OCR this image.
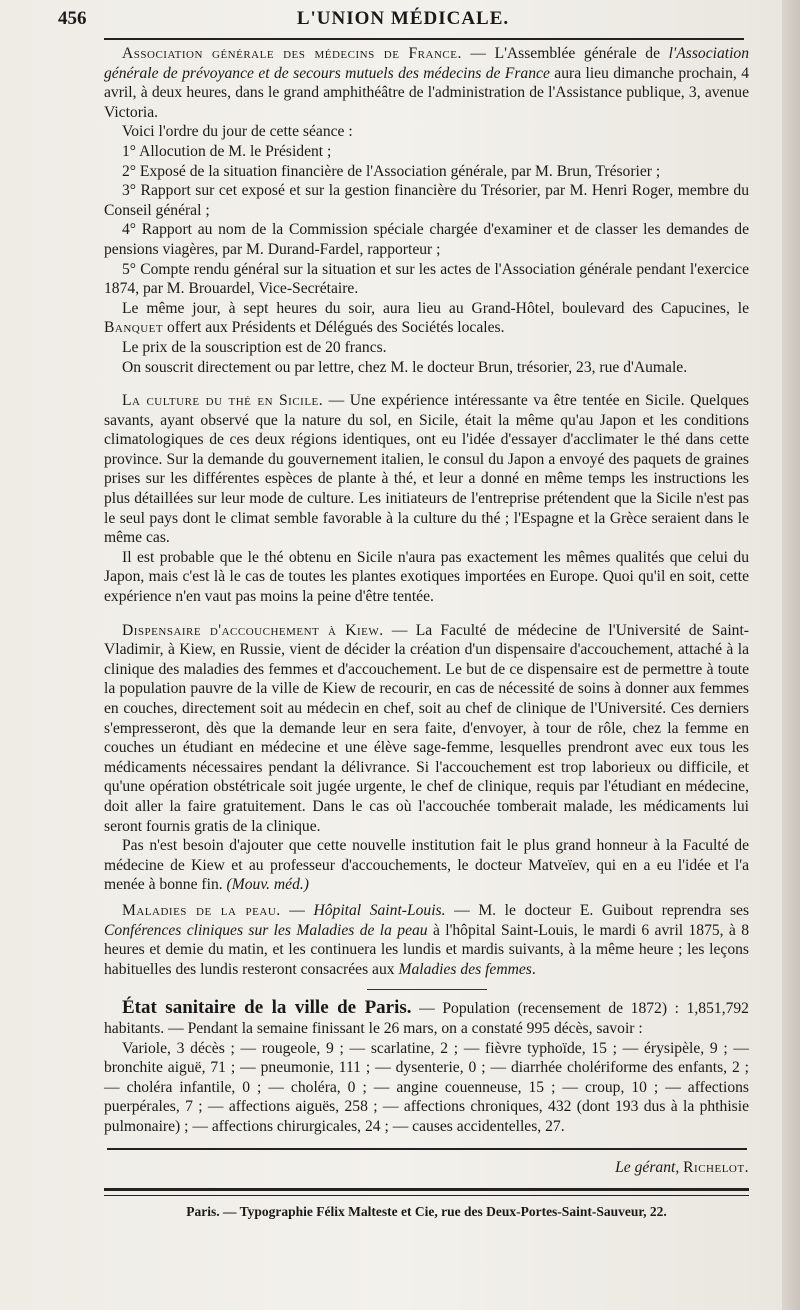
456	L'UNION MÉDICALE.

Association générale des médecins de France. — L'Assemblée générale de l'Association générale de prévoyance et de secours mutuels des médecins de France aura lieu dimanche prochain, 4 avril, à deux heures, dans le grand amphithéâtre de l'administration de l'Assistance publique, 3, avenue Victoria.

Voici l'ordre du jour de cette séance :

1° Allocution de M. le Président ;

2° Exposé de la situation financière de l'Association générale, par M. Brun, Trésorier ;

3° Rapport sur cet exposé et sur la gestion financière du Trésorier, par M. Henri Roger, membre du Conseil général ;

4° Rapport au nom de la Commission spéciale chargée d'examiner et de classer les demandes de pensions viagères, par M. Durand-Fardel, rapporteur ;

5° Compte rendu général sur la situation et sur les actes de l'Association générale pendant l'exercice 1874, par M. Brouardel, Vice-Secrétaire.

Le même jour, à sept heures du soir, aura lieu au Grand-Hôtel, boulevard des Capucines, le Banquet offert aux Présidents et Délégués des Sociétés locales.

Le prix de la souscription est de 20 francs.

On souscrit directement ou par lettre, chez M. le docteur Brun, trésorier, 23, rue d'Aumale.

La culture du thé en Sicile. — Une expérience intéressante va être tentée en Sicile. Quelques savants, ayant observé que la nature du sol, en Sicile, était la même qu'au Japon et les conditions climatologiques de ces deux régions identiques, ont eu l'idée d'essayer d'acclimater le thé dans cette province. Sur la demande du gouvernement italien, le consul du Japon a envoyé des paquets de graines prises sur les différentes espèces de plante à thé, et leur a donné en même temps les instructions les plus détaillées sur leur mode de culture. Les initiateurs de l'entreprise prétendent que la Sicile n'est pas le seul pays dont le climat semble favorable à la culture du thé ; l'Espagne et la Grèce seraient dans le même cas.

Il est probable que le thé obtenu en Sicile n'aura pas exactement les mêmes qualités que celui du Japon, mais c'est là le cas de toutes les plantes exotiques importées en Europe. Quoi qu'il en soit, cette expérience n'en vaut pas moins la peine d'être tentée.

Dispensaire d'accouchement à Kiew. — La Faculté de médecine de l'Université de Saint-Vladimir, à Kiew, en Russie, vient de décider la création d'un dispensaire d'accouchement, attaché à la clinique des maladies des femmes et d'accouchement. Le but de ce dispensaire est de permettre à toute la population pauvre de la ville de Kiew de recourir, en cas de nécessité de soins à donner aux femmes en couches, directement soit au médecin en chef, soit au chef de clinique de l'Université. Ces derniers s'empresseront, dès que la demande leur en sera faite, d'envoyer, à tour de rôle, chez la femme en couches un étudiant en médecine et une élève sage-femme, lesquelles prendront avec eux tous les médicaments nécessaires pendant la délivrance. Si l'accouchement est trop laborieux ou difficile, et qu'une opération obstétricale soit jugée urgente, le chef de clinique, requis par l'étudiant en médecine, doit aller la faire gratuitement. Dans le cas où l'accouchée tomberait malade, les médicaments lui seront fournis gratis de la clinique.

Pas n'est besoin d'ajouter que cette nouvelle institution fait le plus grand honneur à la Faculté de médecine de Kiew et au professeur d'accouchements, le docteur Matveïev, qui en a eu l'idée et l'a menée à bonne fin. (Mouv. méd.)

Maladies de la peau. — Hôpital Saint-Louis. — M. le docteur E. Guibout reprendra ses Conférences cliniques sur les Maladies de la peau à l'hôpital Saint-Louis, le mardi 6 avril 1875, à 8 heures et demie du matin, et les continuera les lundis et mardis suivants, à la même heure ; les leçons habituelles des lundis resteront consacrées aux Maladies des femmes.

État sanitaire de la ville de Paris. — Population (recensement de 1872) : 1,851,792 habitants. — Pendant la semaine finissant le 26 mars, on a constaté 995 décès, savoir :

Variole, 3 décès ; — rougeole, 9 ; — scarlatine, 2 ; — fièvre typhoïde, 15 ; — érysipèle, 9 ; — bronchite aiguë, 71 ; — pneumonie, 111 ; — dysenterie, 0 ; — diarrhée cholériforme des enfants, 2 ; — choléra infantile, 0 ; — choléra, 0 ; — angine couenneuse, 15 ; — croup, 10 ; — affections puerpérales, 7 ; — affections aiguës, 258 ; — affections chroniques, 432 (dont 193 dus à la phthisie pulmonaire) ; — affections chirurgicales, 24 ; — causes accidentelles, 27.

Le gérant, Richelot.

Paris. — Typographie Félix Malteste et Cie, rue des Deux-Portes-Saint-Sauveur, 22.
